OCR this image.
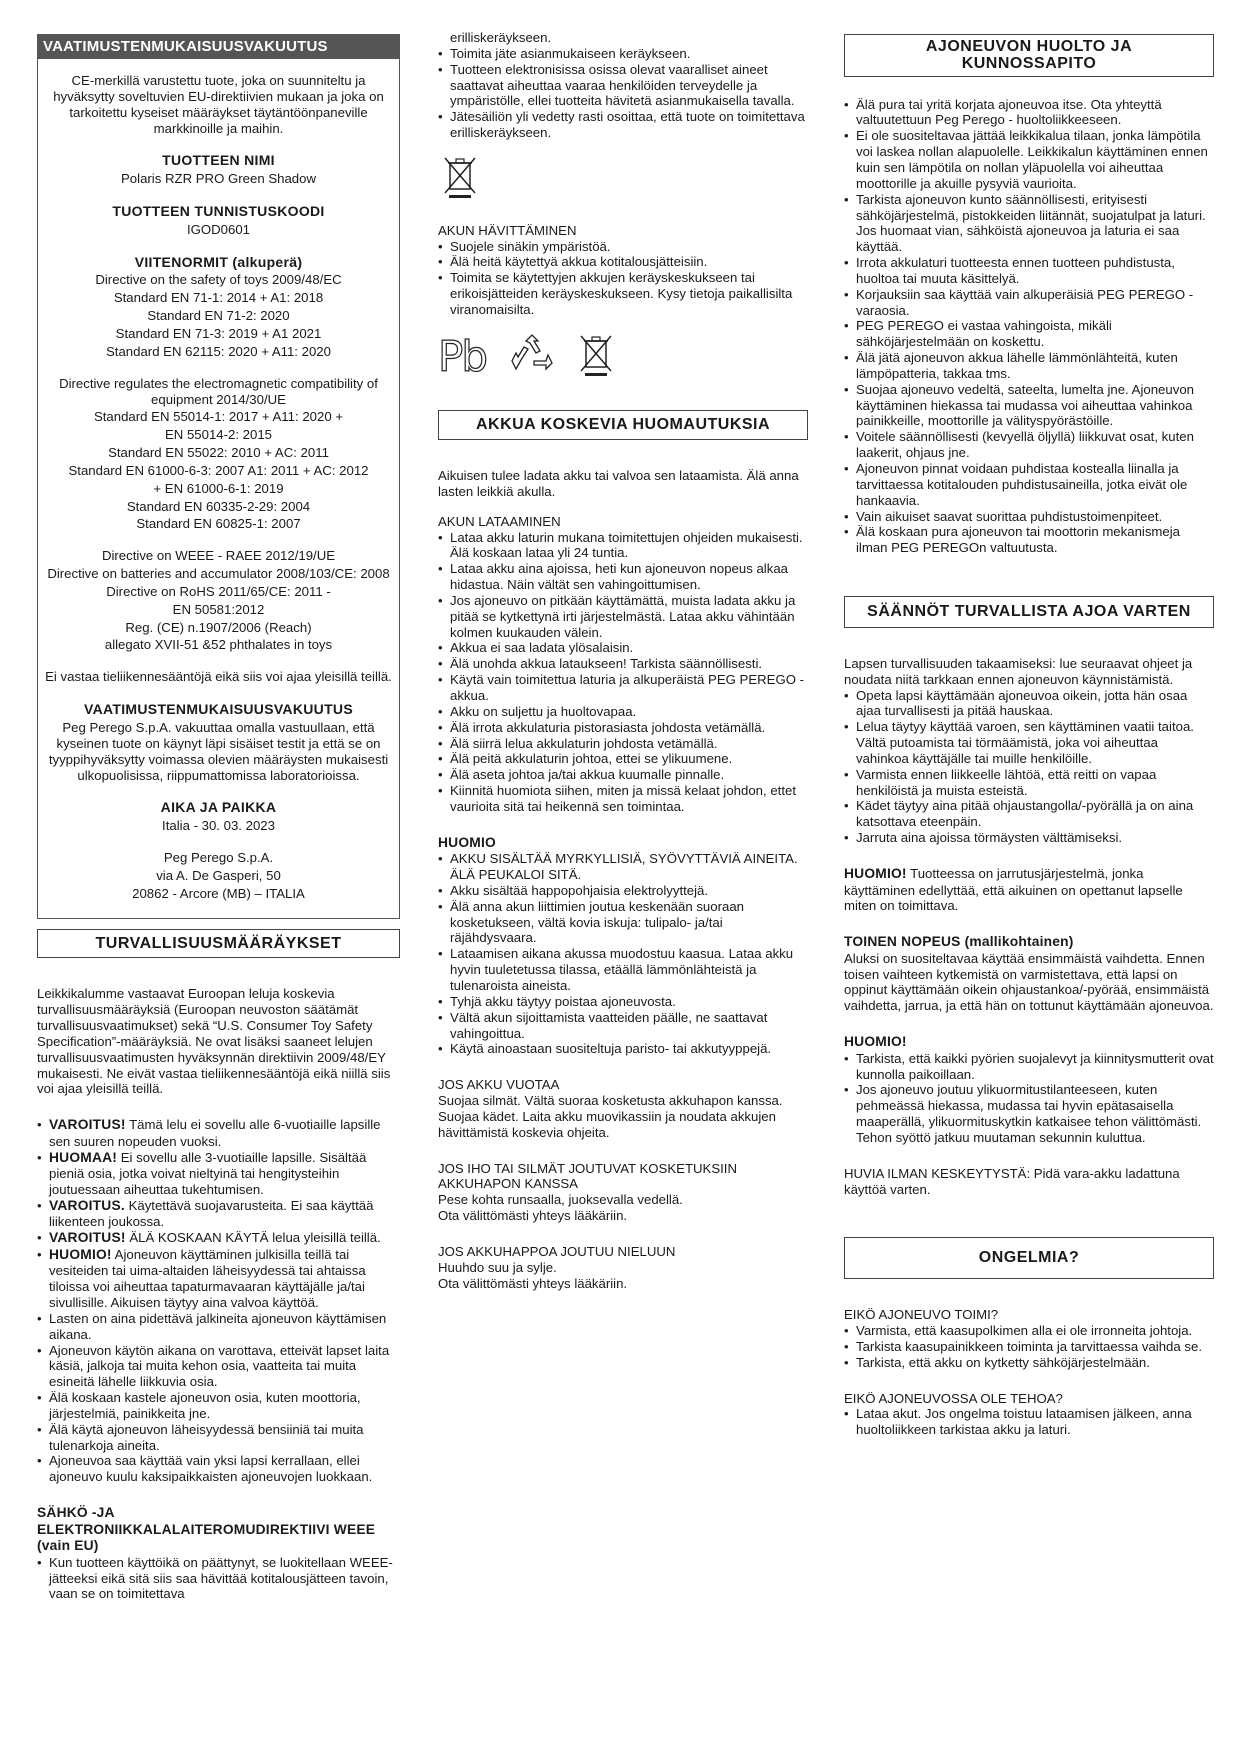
VAATIMUSTENMUKAISUUSVAKUUTUS

CE-merkillä varustettu tuote, joka on suunniteltu ja hyväksytty soveltuvien EU-direktiivien mukaan ja joka on tarkoitettu kyseiset määräykset täytäntöönpaneville markkinoille ja maihin.

TUOTTEEN NIMI

Polaris RZR PRO Green Shadow

TUOTTEEN TUNNISTUSKOODI

IGOD0601

VIITENORMIT (alkuperä)

Directive on the safety of toys 2009/48/EC

Standard EN 71-1: 2014 + A1: 2018

Standard EN 71-2: 2020

Standard EN 71-3: 2019 + A1 2021

Standard EN 62115: 2020 + A11: 2020

Directive regulates the electromagnetic compatibility of equipment 2014/30/UE

Standard EN 55014-1: 2017 + A11: 2020 +

EN 55014-2: 2015

Standard EN 55022: 2010 + AC: 2011

Standard EN 61000-6-3: 2007 A1: 2011 + AC: 2012

+ EN 61000-6-1: 2019

Standard EN 60335-2-29: 2004

Standard EN 60825-1: 2007

Directive on WEEE - RAEE 2012/19/UE

Directive on batteries and accumulator 2008/103/CE: 2008

Directive on RoHS 2011/65/CE: 2011 -

EN 50581:2012

Reg. (CE) n.1907/2006 (Reach)

allegato XVII-51 &52 phthalates in toys

Ei vastaa tieliikennesääntöjä eikä siis voi ajaa yleisillä teillä.

VAATIMUSTENMUKAISUUSVAKUUTUS

Peg Perego S.p.A. vakuuttaa omalla vastuullaan, että kyseinen tuote on käynyt läpi sisäiset testit ja että se on tyyppihyväksytty voimassa olevien määräysten mukaisesti ulkopuolisissa, riippumattomissa laboratorioissa.

AIKA JA PAIKKA

Italia - 30. 03. 2023

Peg Perego S.p.A.

via A. De Gasperi, 50

20862 - Arcore (MB) – ITALIA

TURVALLISUUSMÄÄRÄYKSET

Leikkikalumme vastaavat Euroopan leluja koskevia turvallisuusmääräyksiä (Euroopan neuvoston säätämät turvallisuusvaatimukset) sekä “U.S. Consumer Toy Safety Specification”-määräyksiä. Ne ovat lisäksi saaneet lelujen turvallisuusvaatimusten hyväksynnän direktiivin 2009/48/EY mukaisesti. Ne eivät vastaa tieliikennesääntöjä eikä niillä siis voi ajaa yleisillä teillä.

• VAROITUS! Tämä lelu ei sovellu alle 6-vuotiaille lapsille sen suuren nopeuden vuoksi.
• HUOMAA! Ei sovellu alle 3-vuotiaille lapsille. Sisältää pieniä osia, jotka voivat nieltyinä tai hengitysteihin joutuessaan aiheuttaa tukehtumisen.
• VAROITUS. Käytettävä suojavarusteita. Ei saa käyttää liikenteen joukossa.
• VAROITUS! ÄLÄ KOSKAAN KÄYTÄ lelua yleisillä teillä.
• HUOMIO! Ajoneuvon käyttäminen julkisilla teillä tai vesiteiden tai uima-altaiden läheisyydessä tai ahtaissa tiloissa voi aiheuttaa tapaturmavaaran käyttäjälle ja/tai sivullisille. Aikuisen täytyy aina valvoa käyttöä.
• Lasten on aina pidettävä jalkineita ajoneuvon käyttämisen aikana.
• Ajoneuvon käytön aikana on varottava, etteivät lapset laita käsiä, jalkoja tai muita kehon osia, vaatteita tai muita esineitä lähelle liikkuvia osia.
• Älä koskaan kastele ajoneuvon osia, kuten moottoria, järjestelmiä, painikkeita jne.
• Älä käytä ajoneuvon läheisyydessä bensiiniä tai muita tulenarkoja aineita.
• Ajoneuvoa saa käyttää vain yksi lapsi kerrallaan, ellei ajoneuvo kuulu kaksipaikkaisten ajoneuvojen luokkaan.

SÄHKÖ -JA ELEKTRONIIKKALALAITEROMUDIREKTIIVI WEEE (vain EU)

• Kun tuotteen käyttöikä on päättynyt, se luokitellaan WEEE-jätteeksi eikä sitä siis saa hävittää kotitalousjätteen tavoin, vaan se on toimitettava

erilliskeräykseen.

• Toimita jäte asianmukaiseen keräykseen.
• Tuotteen elektronisissa osissa olevat vaaralliset aineet saattavat aiheuttaa vaaraa henkilöiden terveydelle ja ympäristölle, ellei tuotteita hävitetä asianmukaisella tavalla.
• Jätesäiliön yli vedetty rasti osoittaa, että tuote on toimitettava erilliskeräykseen.

AKUN HÄVITTÄMINEN

• Suojele sinäkin ympäristöä.
• Älä heitä käytettyä akkua kotitalousjätteisiin.
• Toimita se käytettyjen akkujen keräyskeskukseen tai erikoisjätteiden keräyskeskukseen. Kysy tietoja paikallisilta viranomaisilta.
Pb
AKKUA KOSKEVIA HUOMAUTUKSIA

Aikuisen tulee ladata akku tai valvoa sen lataamista. Älä anna lasten leikkiä akulla.

AKUN LATAAMINEN

• Lataa akku laturin mukana toimitettujen ohjeiden mukaisesti. Älä koskaan lataa yli 24 tuntia.
• Lataa akku aina ajoissa, heti kun ajoneuvon nopeus alkaa hidastua. Näin vältät sen vahingoittumisen.
• Jos ajoneuvo on pitkään käyttämättä, muista ladata akku ja pitää se kytkettynä irti järjestelmästä. Lataa akku vähintään kolmen kuukauden välein.
• Akkua ei saa ladata ylösalaisin.
• Älä unohda akkua lataukseen! Tarkista säännöllisesti.
• Käytä vain toimitettua laturia ja alkuperäistä PEG PEREGO -akkua.
• Akku on suljettu ja huoltovapaa.
• Älä irrota akkulaturia pistorasiasta johdosta vetämällä.
• Älä siirrä lelua akkulaturin johdosta vetämällä.
• Älä peitä akkulaturin johtoa, ettei se ylikuumene.
• Älä aseta johtoa ja/tai akkua kuumalle pinnalle.
• Kiinnitä huomiota siihen, miten ja missä kelaat johdon, ettet vaurioita sitä tai heikennä sen toimintaa.

HUOMIO

• AKKU SISÄLTÄÄ MYRKYLLISIÄ, SYÖVYTTÄVIÄ AINEITA.
ÄLÄ PEUKALOI SITÄ.
• Akku sisältää happopohjaisia elektrolyyttejä.
• Älä anna akun liittimien joutua keskenään suoraan kosketukseen, vältä kovia iskuja: tulipalo- ja/tai räjähdysvaara.
• Lataamisen aikana akussa muodostuu kaasua. Lataa akku hyvin tuuletetussa tilassa, etäällä lämmönlähteistä ja tulenaroista aineista.
• Tyhjä akku täytyy poistaa ajoneuvosta.
• Vältä akun sijoittamista vaatteiden päälle, ne saattavat vahingoittua.
• Käytä ainoastaan suositeltuja paristo- tai akkutyyppejä.

JOS AKKU VUOTAA

Suojaa silmät. Vältä suoraa kosketusta akkuhapon kanssa.

Suojaa kädet. Laita akku muovikassiin ja noudata akkujen hävittämistä koskevia ohjeita.

JOS IHO TAI SILMÄT JOUTUVAT KOSKETUKSIIN AKKUHAPON KANSSA

Pese kohta runsaalla, juoksevalla vedellä.

Ota välittömästi yhteys lääkäriin.

JOS AKKUHAPPOA JOUTUU NIELUUN

Huuhdo suu ja sylje.

Ota välittömästi yhteys lääkäriin.

AJONEUVON HUOLTO JA KUNNOSSAPITO
• Älä pura tai yritä korjata ajoneuvoa itse. Ota yhteyttä valtuutettuun Peg Perego - huoltoliikkeeseen.
• Ei ole suositeltavaa jättää leikkikalua tilaan, jonka lämpötila voi laskea nollan alapuolelle. Leikkikalun käyttäminen ennen kuin sen lämpötila on nollan yläpuolella voi aiheuttaa moottorille ja akuille pysyviä vaurioita.
• Tarkista ajoneuvon kunto säännöllisesti, erityisesti sähköjärjestelmä, pistokkeiden liitännät, suojatulpat ja laturi. Jos huomaat vian, sähköistä ajoneuvoa ja laturia ei saa käyttää.
• Irrota akkulaturi tuotteesta ennen tuotteen puhdistusta, huoltoa tai muuta käsittelyä.
• Korjauksiin saa käyttää vain alkuperäisiä PEG PEREGO -varaosia.
• PEG PEREGO ei vastaa vahingoista, mikäli sähköjärjestelmään on koskettu.
• Älä jätä ajoneuvon akkua lähelle lämmönlähteitä, kuten lämpöpatteria, takkaa tms.
• Suojaa ajoneuvo vedeltä, sateelta, lumelta jne. Ajoneuvon käyttäminen hiekassa tai mudassa voi aiheuttaa vahinkoa painikkeille, moottorille ja välityspyörästöille.
• Voitele säännöllisesti (kevyellä öljyllä) liikkuvat osat, kuten laakerit, ohjaus jne.
• Ajoneuvon pinnat voidaan puhdistaa kostealla liinalla ja tarvittaessa kotitalouden puhdistusaineilla, jotka eivät ole hankaavia.
• Vain aikuiset saavat suorittaa puhdistustoimenpiteet.
• Älä koskaan pura ajoneuvon tai moottorin mekanismeja ilman PEG PEREGOn valtuutusta.
SÄÄNNÖT TURVALLISTA AJOA VARTEN

Lapsen turvallisuuden takaamiseksi: lue seuraavat ohjeet ja noudata niitä tarkkaan ennen ajoneuvon käynnistämistä.

• Opeta lapsi käyttämään ajoneuvoa oikein, jotta hän osaa ajaa turvallisesti ja pitää hauskaa.
• Lelua täytyy käyttää varoen, sen käyttäminen vaatii taitoa. Vältä putoamista tai törmäämistä, joka voi aiheuttaa vahinkoa käyttäjälle tai muille henkilöille.
• Varmista ennen liikkeelle lähtöä, että reitti on vapaa henkilöistä ja muista esteistä.
• Kädet täytyy aina pitää ohjaustangolla/-pyörällä ja on aina katsottava eteenpäin.
• Jarruta aina ajoissa törmäysten välttämiseksi.

HUOMIO! Tuotteessa on jarrutusjärjestelmä, jonka käyttäminen edellyttää, että aikuinen on opettanut lapselle miten on toimittava.

TOINEN NOPEUS (mallikohtainen)

Aluksi on suositeltavaa käyttää ensimmäistä vaihdetta. Ennen toisen vaihteen kytkemistä on varmistettava, että lapsi on oppinut käyttämään oikein ohjaustankoa/-pyörää, ensimmäistä vaihdetta, jarrua, ja että hän on tottunut käyttämään ajoneuvoa.

HUOMIO!

• Tarkista, että kaikki pyörien suojalevyt ja kiinnitysmutterit ovat kunnolla paikoillaan.
• Jos ajoneuvo joutuu ylikuormitustilanteeseen, kuten pehmeässä hiekassa, mudassa tai hyvin epätasaisella maaperällä, ylikuormituskytkin katkaisee tehon välittömästi. Tehon syöttö jatkuu muutaman sekunnin kuluttua.

HUVIA ILMAN KESKEYTYSTÄ: Pidä vara-akku ladattuna käyttöä varten.

ONGELMIA?

EIKÖ AJONEUVO TOIMI?

• Varmista, että kaasupolkimen alla ei ole irronneita johtoja.
• Tarkista kaasupainikkeen toiminta ja tarvittaessa vaihda se.
• Tarkista, että akku on kytketty sähköjärjestelmään.

EIKÖ AJONEUVOSSA OLE TEHOA?

• Lataa akut. Jos ongelma toistuu lataamisen jälkeen, anna huoltoliikkeen tarkistaa akku ja laturi.
